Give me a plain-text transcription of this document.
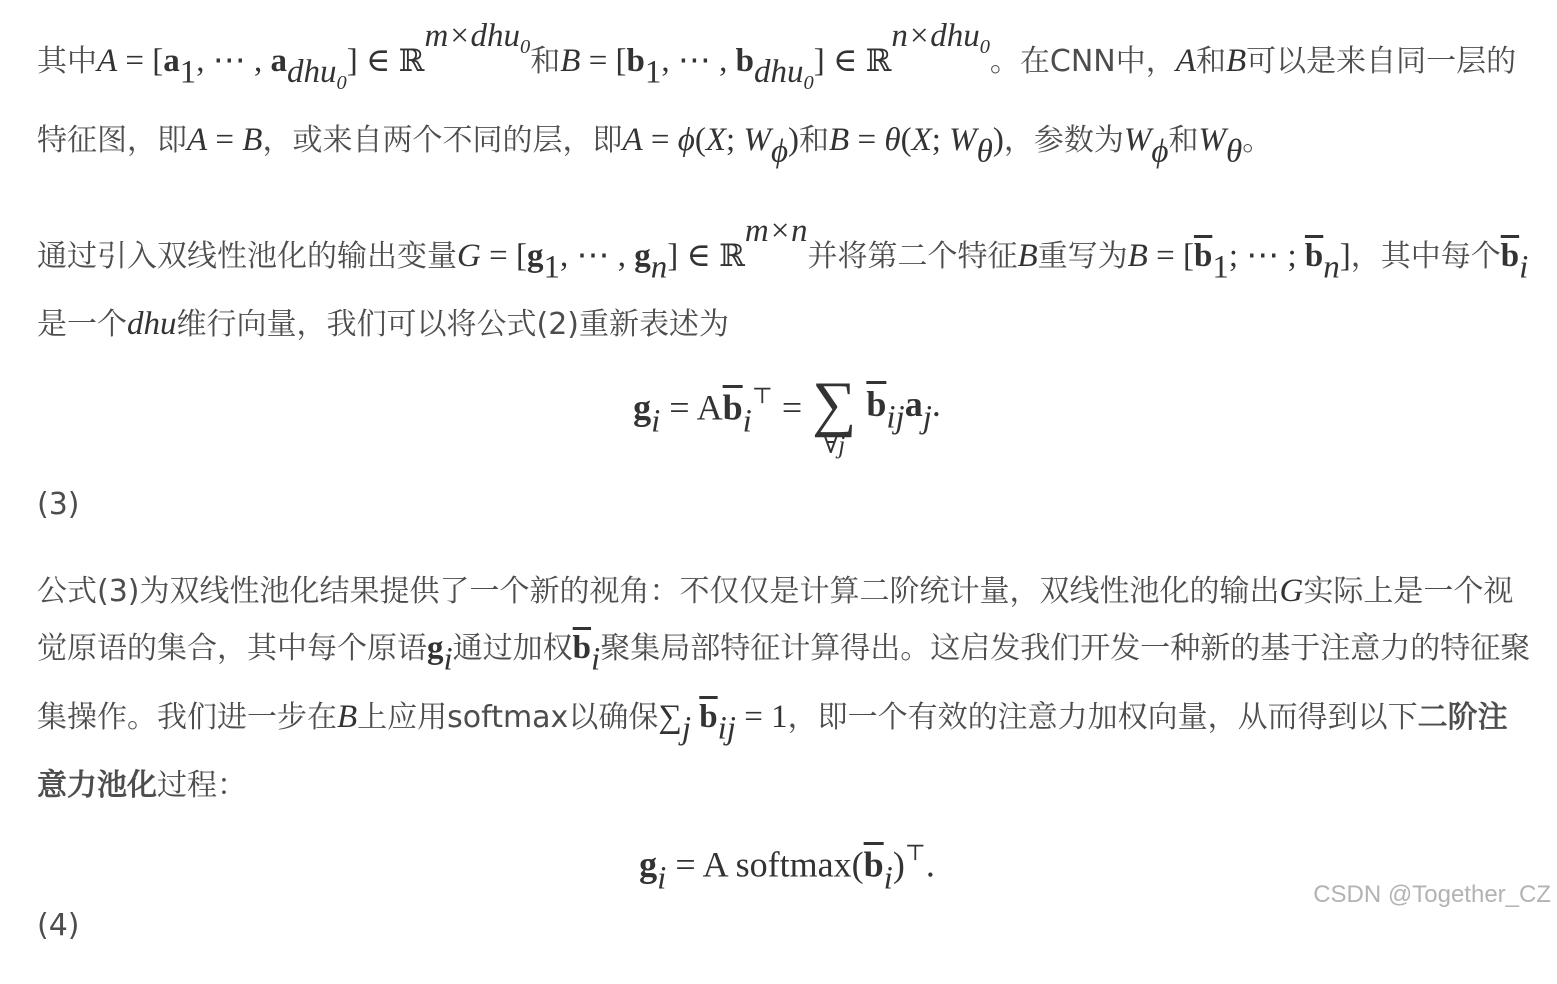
其中$A = [a_1$, ⋯ , $a_{dhu_0}$] ∈ ℝ$^{m\times dhu_0}$和$B = [b_1$, ⋯ , $b_{dhu_0}$] ∈ ℝ$^{n\times dhu_0}$。在CNN中，A和B可以是来自同一层的特征图，即A = B，或来自两个不同的层，即A = ϕ(X; $W_\phi$)和B = θ(X; $W_\theta$)，参数为$W_\phi$和$W_\theta$。

通过引入双线性池化的输出变量$G = [g_1$, ⋯ , $g_n$] ∈ ℝ$^{m\times n}$并将第二个特征B重写为$B = [\overline{b}_1$; ⋯ ; $\overline{b}_n$]，其中每个$\overline{b}_i$是一个dhu维行向量，我们可以将公式(2)重新表述为

$g_i = A\overline{b}_i^⊤$ = ∑
∀j
$\overline{b}_{ij}a_j$.
(3)

公式(3)为双线性池化结果提供了一个新的视角：不仅仅是计算二阶统计量，双线性池化的输出G实际上是一个视觉原语的集合，其中每个原语$g_i$通过加权$\overline{b}_i$聚集局部特征计算得出。这启发我们开发一种新的基于注意力的特征聚集操作。我们进一步在B上应用softmax以确保$\sum_j$ $\overline{b}_{ij} = 1$，即一个有效的注意力加权向量，从而得到以下二阶注意力池化过程：

$g_i = A$ $softmax(\overline{b}_i)^⊤$.
(4)
CSDN @Together_CZ
